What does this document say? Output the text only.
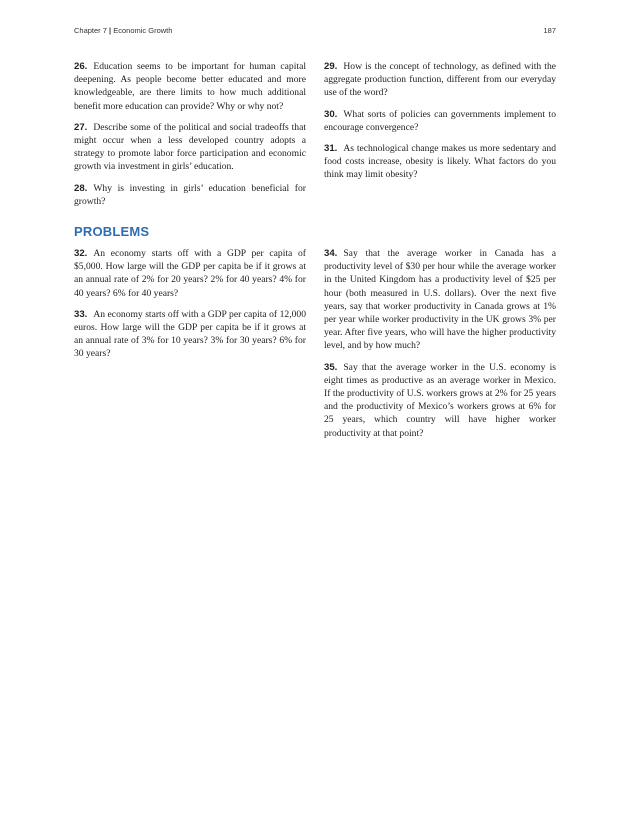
Chapter 7 | Economic Growth	187

26. Education seems to be important for human capital deepening. As people become better educated and more knowledgeable, are there limits to how much additional benefit more education can provide? Why or why not?

27. Describe some of the political and social tradeoffs that might occur when a less developed country adopts a strategy to promote labor force participation and economic growth via investment in girls’ education.

28. Why is investing in girls’ education beneficial for growth?

29. How is the concept of technology, as defined with the aggregate production function, different from our everyday use of the word?

30. What sorts of policies can governments implement to encourage convergence?

31. As technological change makes us more sedentary and food costs increase, obesity is likely. What factors do you think may limit obesity?

PROBLEMS

32. An economy starts off with a GDP per capita of $5,000. How large will the GDP per capita be if it grows at an annual rate of 2% for 20 years? 2% for 40 years? 4% for 40 years? 6% for 40 years?

33. An economy starts off with a GDP per capita of 12,000 euros. How large will the GDP per capita be if it grows at an annual rate of 3% for 10 years? 3% for 30 years? 6% for 30 years?

34. Say that the average worker in Canada has a productivity level of $30 per hour while the average worker in the United Kingdom has a productivity level of $25 per hour (both measured in U.S. dollars). Over the next five years, say that worker productivity in Canada grows at 1% per year while worker productivity in the UK grows 3% per year. After five years, who will have the higher productivity level, and by how much?

35. Say that the average worker in the U.S. economy is eight times as productive as an average worker in Mexico. If the productivity of U.S. workers grows at 2% for 25 years and the productivity of Mexico’s workers grows at 6% for 25 years, which country will have higher worker productivity at that point?
